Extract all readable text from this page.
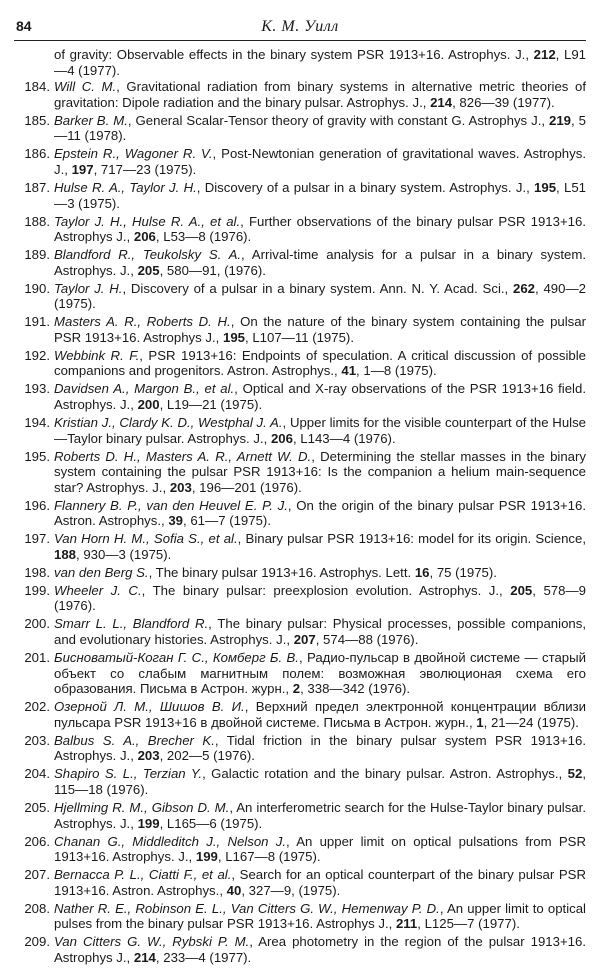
84	К. М. Уилл
of gravity: Observable effects in the binary system PSR 1913+16. Astrophys. J., 212, L91—4 (1977).
184. Will C. M., Gravitational radiation from binary systems in alternative metric theories of gravitation: Dipole radiation and the binary pulsar. Astrophys. J., 214, 826—39 (1977).
185. Barker B. M., General Scalar-Tensor theory of gravity with constant G. Astrophys J., 219, 5—11 (1978).
186. Epstein R., Wagoner R. V., Post-Newtonian generation of gravitational waves. Astrophys. J., 197, 717—23 (1975).
187. Hulse R. A., Taylor J. H., Discovery of a pulsar in a binary system. Astrophys. J., 195, L51—3 (1975).
188. Taylor J. H., Hulse R. A., et al., Further observations of the binary pulsar PSR 1913+16. Astrophys J., 206, L53—8 (1976).
189. Blandford R., Teukolsky S. A., Arrival-time analysis for a pulsar in a binary system. Astrophys. J., 205, 580—91, (1976).
190. Taylor J. H., Discovery of a pulsar in a binary system. Ann. N. Y. Acad. Sci., 262, 490—2 (1975).
191. Masters A. R., Roberts D. H., On the nature of the binary system containing the pulsar PSR 1913+16. Astrophys J., 195, L107—11 (1975).
192. Webbink R. F., PSR 1913+16: Endpoints of speculation. A critical discussion of possible companions and progenitors. Astron. Astrophys., 41, 1—8 (1975).
193. Davidsen A., Margon B., et al., Optical and X-ray observations of the PSR 1913+16 field. Astrophys. J., 200, L19—21 (1975).
194. Kristian J., Clardy K. D., Westphal J. A., Upper limits for the visible counterpart of the Hulse—Taylor binary pulsar. Astrophys. J., 206, L143—4 (1976).
195. Roberts D. H., Masters A. R., Arnett W. D., Determining the stellar masses in the binary system containing the pulsar PSR 1913+16: Is the companion a helium main-sequence star? Astrophys. J., 203, 196—201 (1976).
196. Flannery B. P., van den Heuvel E. P. J., On the origin of the binary pulsar PSR 1913+16. Astron. Astrophys., 39, 61—7 (1975).
197. Van Horn H. M., Sofia S., et al., Binary pulsar PSR 1913+16: model for its origin. Science, 188, 930—3 (1975).
198. van den Berg S., The binary pulsar 1913+16. Astrophys. Lett. 16, 75 (1975).
199. Wheeler J. C., The binary pulsar: preexplosion evolution. Astrophys. J., 205, 578—9 (1976).
200. Smarr L. L., Blandford R., The binary pulsar: Physical processes, possible companions, and evolutionary histories. Astrophys. J., 207, 574—88 (1976).
201. Бисноватый-Коган Г. С., Комберг Б. В., Радио-пульсар в двойной системе — старый объект со слабым магнитным полем: возможная эволюционая схема его образования. Письма в Астрон. журн., 2, 338—342 (1976).
202. Озерной Л. М., Шишов В. И., Верхний предел электронной концентрации вблизи пульсара PSR 1913+16 в двойной системе. Письма в Астрон. журн., 1, 21—24 (1975).
203. Balbus S. A., Brecher K., Tidal friction in the binary pulsar system PSR 1913+16. Astrophys. J., 203, 202—5 (1976).
204. Shapiro S. L., Terzian Y., Galactic rotation and the binary pulsar. Astron. Astrophys., 52, 115—18 (1976).
205. Hjellming R. M., Gibson D. M., An interferometric search for the Hulse-Taylor binary pulsar. Astrophys. J., 199, L165—6 (1975).
206. Chanan G., Middleditch J., Nelson J., An upper limit on optical pulsations from PSR 1913+16. Astrophys. J., 199, L167—8 (1975).
207. Bernacca P. L., Ciatti F., et al., Search for an optical counterpart of the binary pulsar PSR 1913+16. Astron. Astrophys., 40, 327—9, (1975).
208. Nather R. E., Robinson E. L., Van Citters G. W., Hemenway P. D., An upper limit to optical pulses from the binary pulsar PSR 1913+16. Astrophys J., 211, L125—7 (1977).
209. Van Citters G. W., Rybski P. M., Area photometry in the region of the pulsar 1913+16. Astrophys J., 214, 233—4 (1977).
